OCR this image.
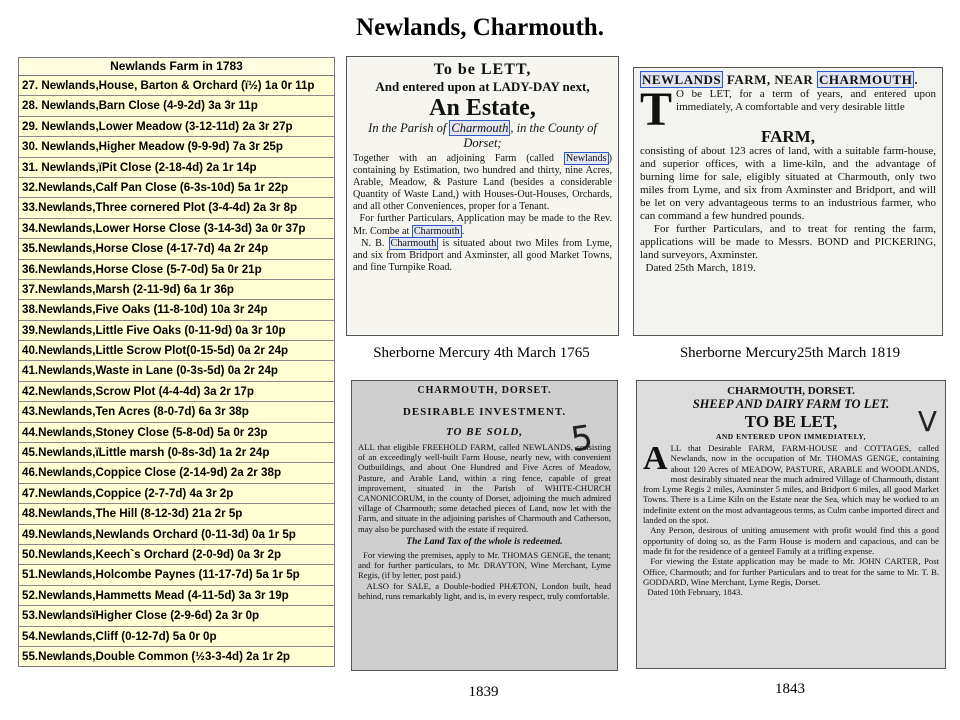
Newlands, Charmouth.
Newlands Farm in 1783
27. Newlands,House, Barton & Orchard (ï½) 1a 0r 11p
28. Newlands,Barn Close (4-9-2d) 3a 3r 11p
29. Newlands,Lower Meadow (3-12-11d) 2a 3r 27p
30. Newlands,Higher Meadow (9-9-9d) 7a 3r 25p
31. Newlands,ïPit Close (2-18-4d) 2a 1r 14p
32.Newlands,Calf Pan Close (6-3s-10d) 5a 1r 22p
33.Newlands,Three cornered Plot (3-4-4d) 2a 3r 8p
34.Newlands,Lower Horse Close (3-14-3d) 3a 0r 37p
35.Newlands,Horse Close (4-17-7d) 4a 2r 24p
36.Newlands,Horse Close (5-7-0d) 5a 0r 21p
37.Newlands,Marsh (2-11-9d) 6a 1r 36p
38.Newlands,Five Oaks (11-8-10d) 10a 3r 24p
39.Newlands,Little Five Oaks (0-11-9d) 0a 3r 10p
40.Newlands,Little Scrow Plot(0-15-5d) 0a 2r 24p
41.Newlands,Waste in Lane (0-3s-5d) 0a 2r 24p
42.Newlands,Scrow Plot (4-4-4d) 3a 2r 17p
43.Newlands,Ten Acres (8-0-7d) 6a 3r 38p
44.Newlands,Stoney Close (5-8-0d) 5a 0r 23p
45.Newlands,ïLittle marsh (0-8s-3d) 1a 2r 24p
46.Newlands,Coppice Close (2-14-9d) 2a 2r 38p
47.Newlands,Coppice (2-7-7d) 4a 3r 2p
48.Newlands,The Hill (8-12-3d) 21a 2r 5p
49.Newlands,Newlands Orchard (0-11-3d) 0a 1r 5p
50.Newlands,Keech`s Orchard (2-0-9d) 0a 3r 2p
51.Newlands,Holcombe Paynes (11-17-7d) 5a 1r 5p
52.Newlands,Hammetts Mead (4-11-5d) 3a 3r 19p
53.NewlandsïHigher Close (2-9-6d) 2a 3r 0p
54.Newlands,Cliff (0-12-7d) 5a 0r 0p
55.Newlands,Double Common (½3-3-4d) 2a 1r 2p

To be LETT,

And entered upon at LADY-DAY next,

An Estate,

In the Parish of Charmouth , in the County of

Dorset;

Together with an adjoining Farm (called Newlands ) containing by Estimation, two hundred and thirty, nine Acres, Arable, Meadow, & Pasture Land (besides a considerable Quantity of Waste Land,) with Houses-Out-Houses, Orchards, and all other Conveniences, proper for a Tenant.

For further Particulars, Application may be made to the Rev. Mr. Combe at Charmouth .

N. B. Charmouth is situated about two Miles from Lyme, and six from Bridport and Axminster, all good Market Towns, and fine Turnpike Road.

Sherborne Mercury 4th March 1765

NEWLANDS FARM, NEAR CHARMOUTH .

T O be LET, for a term of years, and entered upon immediately, A comfortable and very desirable little

FARM,

consisting of about 123 acres of land, with a suitable farm-house, and superior offices, with a lime-kiln, and the advantage of burning lime for sale, eligibly situated at Charmouth, only two miles from Lyme, and six from Axminster and Bridport, and will be let on very advantageous terms to an industrious farmer, who can command a few hundred pounds.

For further Particulars, and to treat for renting the farm, applications will be made to Messrs. BOND and PICKERING, land surveyors, Axminster.

Dated 25th March, 1819.

Sherborne Mercury25th March 1819
5

CHARMOUTH, DORSET.

DESIRABLE INVESTMENT.

TO BE SOLD,

ALL that eligible FREEHOLD FARM, called NEWLANDS, consisting of an exceedingly well-built Farm House, nearly new, with convenient Outbuildings, and about One Hundred and Five Acres of Meadow, Pasture, and Arable Land, within a ring fence, capable of great improvement, situated in the Parish of WHITE-CHURCH CANONICORUM, in the county of Dorset, adjoining the much admired village of Charmouth; some detached pieces of Land, now let with the Farm, and situate in the adjoining parishes of Charmouth and Catherson, may also be purchased with the estate if required.

The Land Tax of the whole is redeemed.

For viewing the premises, apply to Mr. THOMAS GENGE, the tenant; and for further particulars, to Mr. DRAYTON, Wine Merchant, Lyme Regis, (if by letter, post paid.)

ALSO for SALE, a Double-bodied PHÆTON, London built, head behind, runs remarkably light, and is, in every respect, truly comfortable.

1839
V

CHARMOUTH, DORSET.

SHEEP AND DAIRY FARM TO LET.

TO BE LET,

AND ENTERED UPON IMMEDIATELY,

A LL that Desirable FARM, FARM-HOUSE and COTTAGES, called Newlands, now in the occupation of Mr. THOMAS GENGE, containing about 120 Acres of MEADOW, PASTURE, ARABLE and WOODLANDS, most desirably situated near the much admired Village of Charmouth, distant from Lyme Regis 2 miles, Axminster 5 miles, and Bridport 6 miles, all good Market Towns. There is a Lime Kiln on the Estate near the Sea, which may be worked to an indefinite extent on the most advantageous terms, as Culm canbe imported direct and landed on the spot.

Any Person, desirous of uniting amusement with profit would find this a good opportunity of doing so, as the Farm House is modern and capacious, and can be made fit for the residence of a genteel Family at a trifling expense.

For viewing the Estate application may be made to Mr. JOHN CARTER, Post Office, Charmouth; and for further Particulars and to treat for the same to Mr. T. B. GODDARD, Wine Merchant, Lyme Regis, Dorset.

Dated 10th February, 1843.

1843
